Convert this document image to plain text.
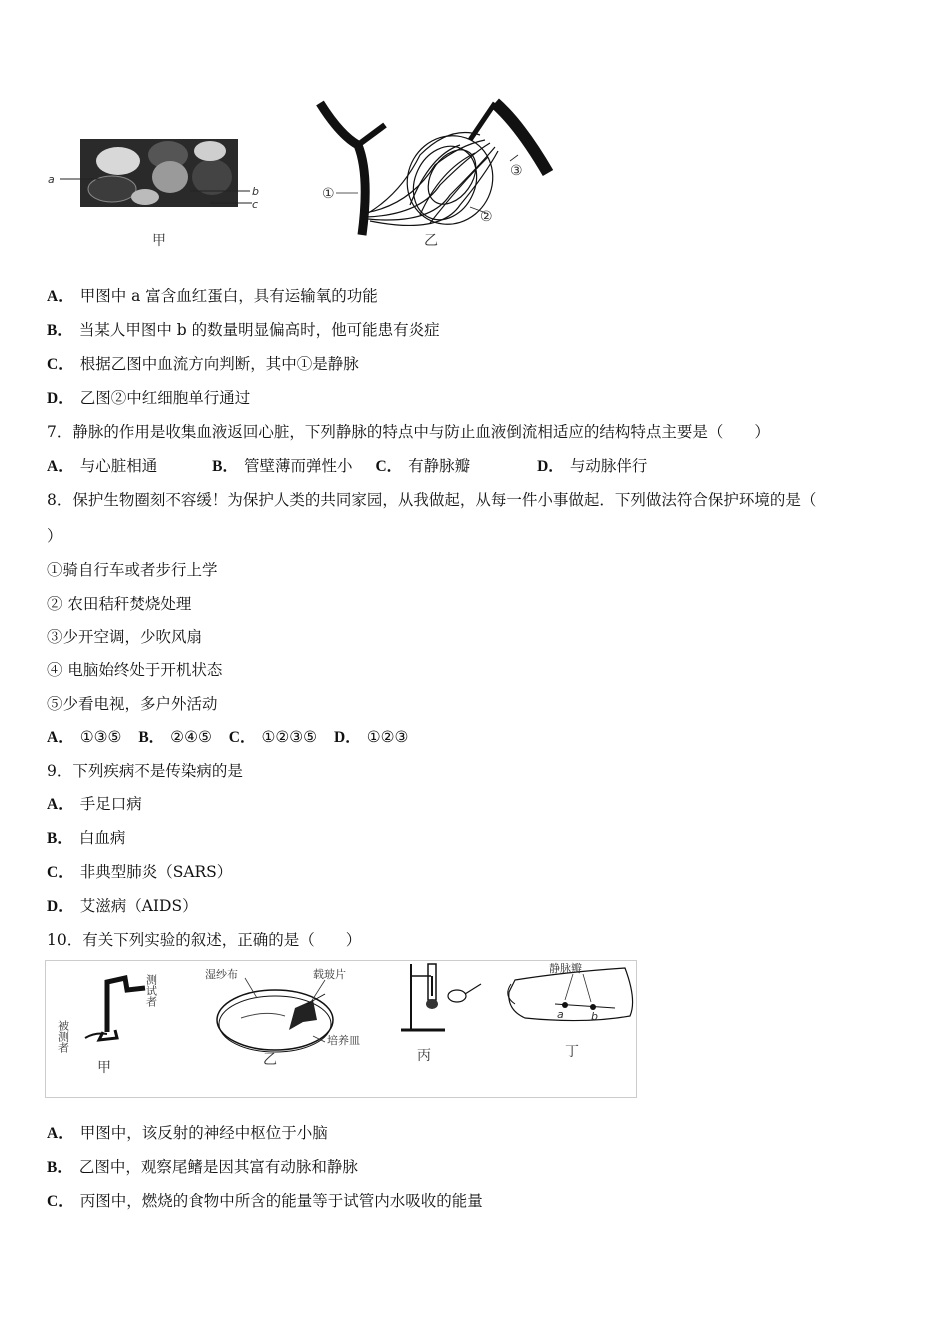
a
b
c
甲
①
②
③
乙
A． 甲图中 a 富含血红蛋白，具有运输氧的功能
B． 当某人甲图中 b 的数量明显偏高时，他可能患有炎症
C． 根据乙图中血流方向判断，其中①是静脉
D． 乙图②中红细胞单行通过
7．静脉的作用是收集血液返回心脏，下列静脉的特点中与防止血液倒流相适应的结构特点主要是（　　）
A． 与心脏相通	B． 管壁薄而弹性小 C． 有静脉瓣	D． 与动脉伴行
8．保护生物圈刻不容缓！为保护人类的共同家园，从我做起，从每一件小事做起．下列做法符合保护环境的是（
）
①骑自行车或者步行上学
② 农田秸秆焚烧处理
③少开空调，少吹风扇
④ 电脑始终处于开机状态
⑤少看电视，多户外活动
A． ①③⑤ B． ②④⑤ C． ①②③⑤ D． ①②③
9．下列疾病不是传染病的是
A． 手足口病
B． 白血病
C． 非典型肺炎（SARS）
D． 艾滋病（AIDS）
10．有关下列实验的叙述，正确的是（　　）
测试者
被测者
甲
湿纱布	载玻片
培养皿
乙	丙
静脉瓣
a b
丁
A． 甲图中，该反射的神经中枢位于小脑
B． 乙图中，观察尾鳍是因其富有动脉和静脉
C． 丙图中，燃烧的食物中所含的能量等于试管内水吸收的能量
